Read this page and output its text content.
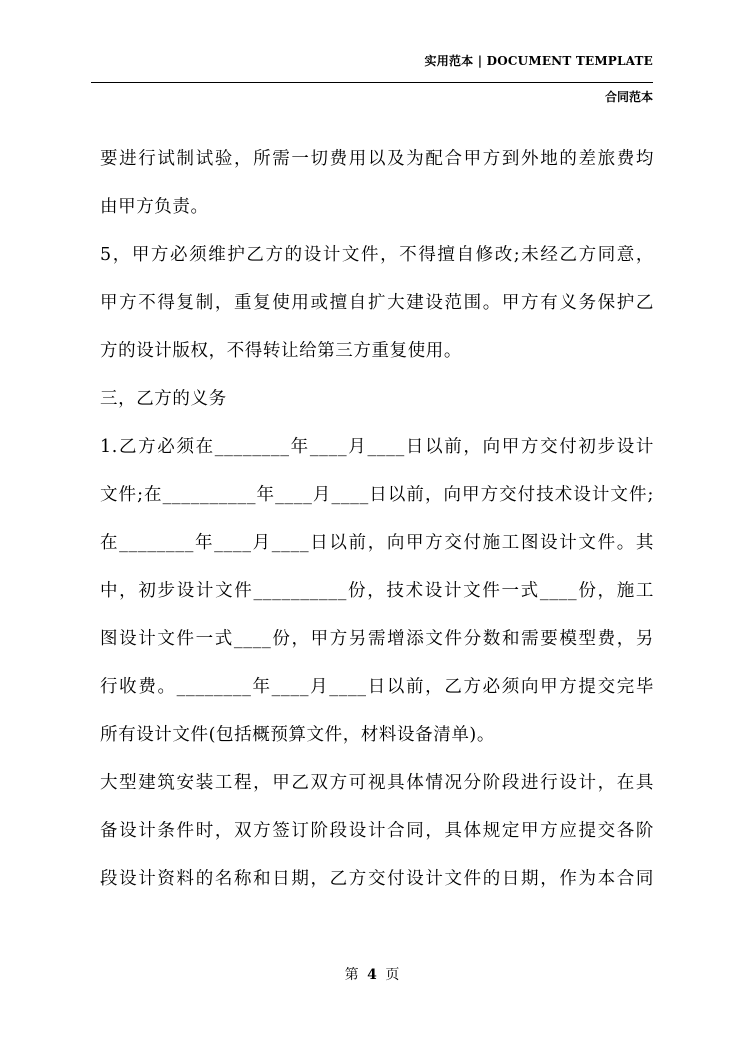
实用范本 | DOCUMENT TEMPLATE
合同范本
要进行试制试验，所需一切费用以及为配合甲方到外地的差旅费均
由甲方负责。
5，甲方必须维护乙方的设计文件，不得擅自修改;未经乙方同意，
甲方不得复制，重复使用或擅自扩大建设范围。甲方有义务保护乙
方的设计版权，不得转让给第三方重复使用。
三，乙方的义务
1.乙方必须在________年____月____日以前，向甲方交付初步设计
文件;在__________年____月____日以前，向甲方交付技术设计文件;
在________年____月____日以前，向甲方交付施工图设计文件。其
中，初步设计文件__________份，技术设计文件一式____份，施工
图设计文件一式____份，甲方另需增添文件分数和需要模型费，另
行收费。________年____月____日以前，乙方必须向甲方提交完毕
所有设计文件(包括概预算文件，材料设备清单)。
大型建筑安装工程，甲乙双方可视具体情况分阶段进行设计，在具
备设计条件时，双方签订阶段设计合同，具体规定甲方应提交各阶
段设计资料的名称和日期，乙方交付设计文件的日期，作为本合同
第 4 页
